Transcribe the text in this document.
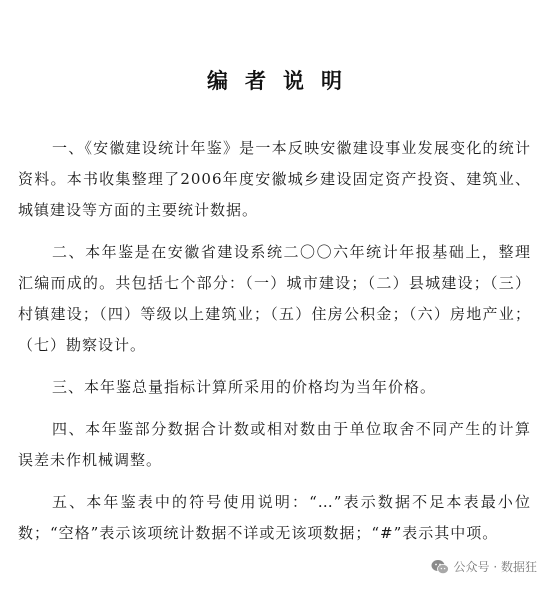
编者说明

一、《安徽建设统计年鉴》是一本反映安徽建设事业发展变化的统计资料。本书收集整理了2006年度安徽城乡建设固定资产投资、建筑业、城镇建设等方面的主要统计数据。

二、本年鉴是在安徽省建设系统二〇〇六年统计年报基础上，整理汇编而成的。共包括七个部分：（一）城市建设；（二）县城建设；（三）村镇建设；（四）等级以上建筑业；（五）住房公积金；（六）房地产业；（七）勘察设计。

三、本年鉴总量指标计算所采用的价格均为当年价格。

四、本年鉴部分数据合计数或相对数由于单位取舍不同产生的计算误差未作机械调整。

五、本年鉴表中的符号使用说明：“…”表示数据不足本表最小位数；“空格”表示该项统计数据不详或无该项数据；“#”表示其中项。

公众号 · 数据狂
